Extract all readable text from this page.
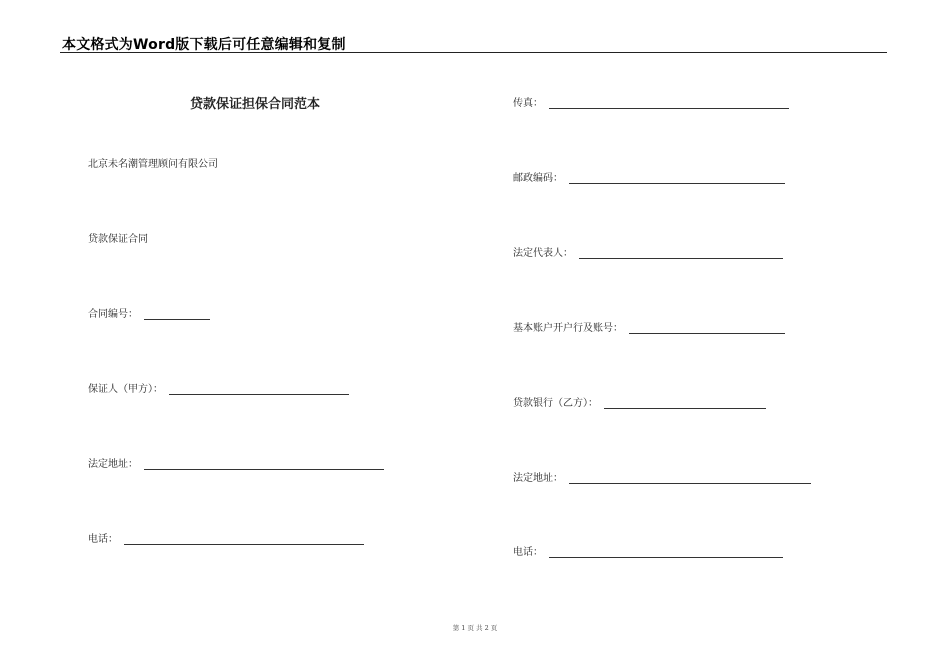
本文格式为Word版下载后可任意编辑和复制
贷款保证担保合同范本
北京未名潮管理顾问有限公司
贷款保证合同
合同编号：
保证人（甲方）：
法定地址：
电话：
传真：
邮政编码：
法定代表人：
基本账户开户行及账号：
贷款银行（乙方）：
法定地址：
电话：
第 1 页 共 2 页
